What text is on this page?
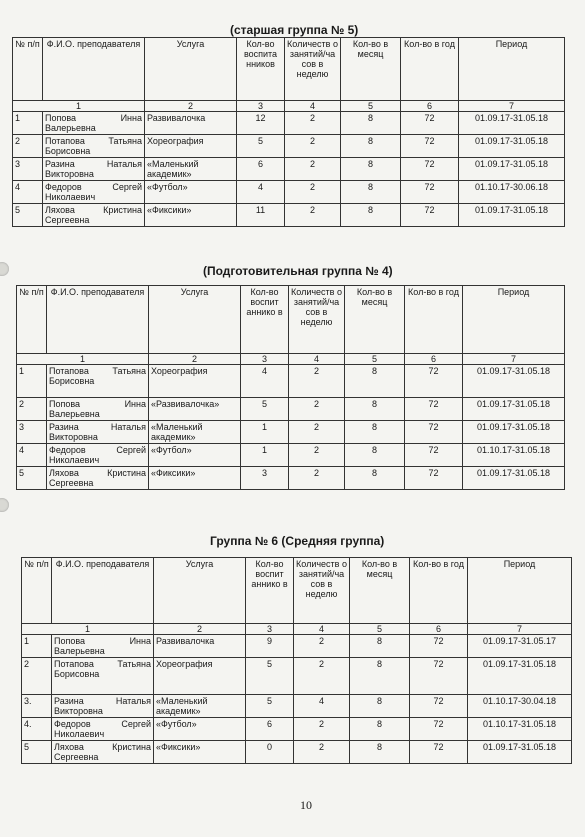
(старшая группа № 5)
№ п/п	Ф.И.О. преподавателя	Услуга	Кол-во воспита нников	Количеств о занятий/ча сов в неделю	Кол-во в месяц	Кол-во в год	Период
1		2	3	4	5	6	7
1	Попова Инна Валерьевна	Развивалочка	12	2	8	72	01.09.17-31.05.18
2	Потапова Татьяна Борисовна	Хореография	5	2	8	72	01.09.17-31.05.18
3	Разина Наталья Викторовна	«Маленький академик»	6	2	8	72	01.09.17-31.05.18
4	Федоров Сергей Николаевич	«Футбол»	4	2	8	72	01.10.17-30.06.18
5	Ляхова Кристина Сергеевна	«Фиксики»	11	2	8	72	01.09.17-31.05.18
(Подготовительная группа № 4)
№ п/п	Ф.И.О. преподавателя	Услуга	Кол-во воспит аннико в	Количеств о занятий/ча сов в неделю	Кол-во в месяц	Кол-во в год	Период
1		2	3	4	5	6	7
1	Потапова Татьяна Борисовна	Хореография	4	2	8	72	01.09.17-31.05.18
2	Попова Инна Валерьевна	«Развивалочка»	5	2	8	72	01.09.17-31.05.18
3	Разина Наталья Викторовна	«Маленький академик»	1	2	8	72	01.09.17-31.05.18
4	Федоров Сергей Николаевич	«Футбол»	1	2	8	72	01.10.17-31.05.18
5	Ляхова Кристина Сергеевна	«Фиксики»	3	2	8	72	01.09.17-31.05.18
Группа № 6 (Средняя группа)
№ п/п	Ф.И.О. преподавателя	Услуга	Кол-во воспит аннико в	Количеств о занятий/ча сов в неделю	Кол-во в месяц	Кол-во в год	Период
1		2	3	4	5	6	7
1	Попова Инна Валерьевна	Развивалочка	9	2	8	72	01.09.17-31.05.17
2	Потапова Татьяна Борисовна	Хореография	5	2	8	72	01.09.17-31.05.18
3.	Разина Наталья Викторовна	«Маленький академик»	5	4	8	72	01.10.17-30.04.18
4.	Федоров Сергей Николаевич	«Футбол»	6	2	8	72	01.10.17-31.05.18
5	Ляхова Кристина Сергеевна	«Фиксики»	0	2	8	72	01.09.17-31.05.18
10
